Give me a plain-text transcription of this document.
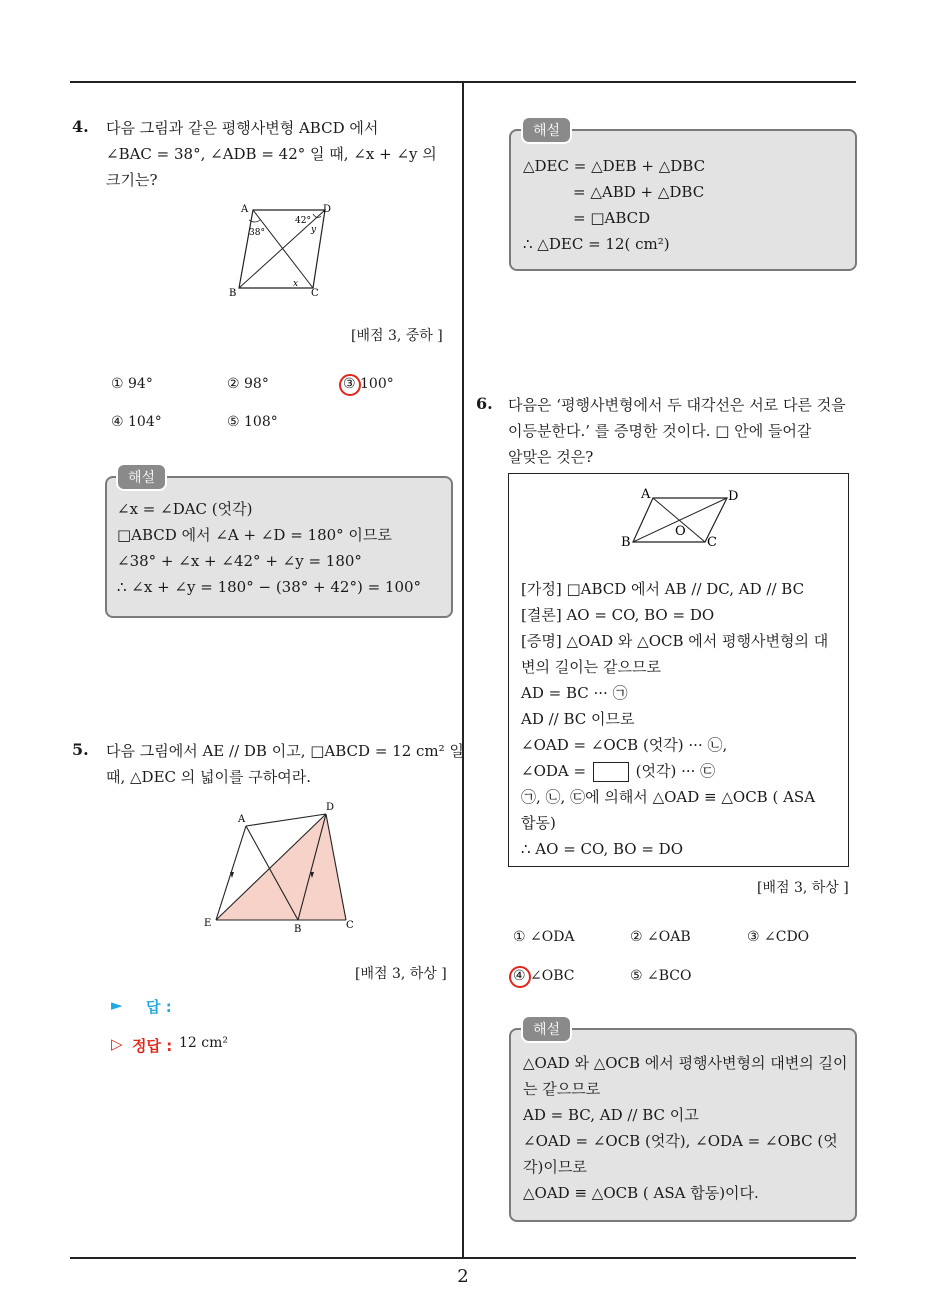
2
4. 다음 그림과 같은 평행사변형 ABCD 에서
∠BAC = 38°, ∠ADB = 42° 일 때, ∠x + ∠y 의
크기는?
A	D
B	C
38°
42°
y
x
[배점 3, 중하 ]
① 94°	② 98°	③ 100°
④ 104°	⑤ 108°
∠x = ∠DAC (엇각)
□ABCD 에서 ∠A + ∠D = 180° 이므로
∠38° + ∠x + ∠42° + ∠y = 180°
∴ ∠x + ∠y = 180° − (38° + 42°) = 100°
해설
5. 다음 그림에서 AE // DB 이고, □ABCD = 12 cm² 일
때, △DEC 의 넓이를 구하여라.
A
D
E
B	C
[배점 3, 하상 ]
► 답 :
▷ 정답 : 12 cm²
△DEC = △DEB + △DBC
= △ABD + △DBC
= □ABCD
∴ △DEC = 12( cm²)
해설
6. 다음은 ‘평행사변형에서 두 대각선은 서로 다른 것을
이등분한다.’ 를 증명한 것이다. □ 안에 들어갈
알맞은 것은?
A	D
B	C
O
[가정] □ABCD 에서 AB // DC, AD // BC
[결론] AO = CO, BO = DO
[증명] △OAD 와 △OCB 에서 평행사변형의 대
변의 길이는 같으므로
AD = BC ··· ㉠
AD // BC 이므로
∠OAD = ∠OCB (엇각) ··· ㉡,
∠ODA =	(엇각) ··· ㉢
㉠, ㉡, ㉢에 의해서 △OAD ≡ △OCB ( ASA
합동)
∴ AO = CO, BO = DO
[배점 3, 하상 ]
① ∠ODA	② ∠OAB	③ ∠CDO
④ ∠OBC	⑤ ∠BCO
△OAD 와 △OCB 에서 평행사변형의 대변의 길이
는 같으므로
AD = BC, AD // BC 이고
∠OAD = ∠OCB (엇각), ∠ODA = ∠OBC (엇
각)이므로
△OAD ≡ △OCB ( ASA 합동)이다.
해설
